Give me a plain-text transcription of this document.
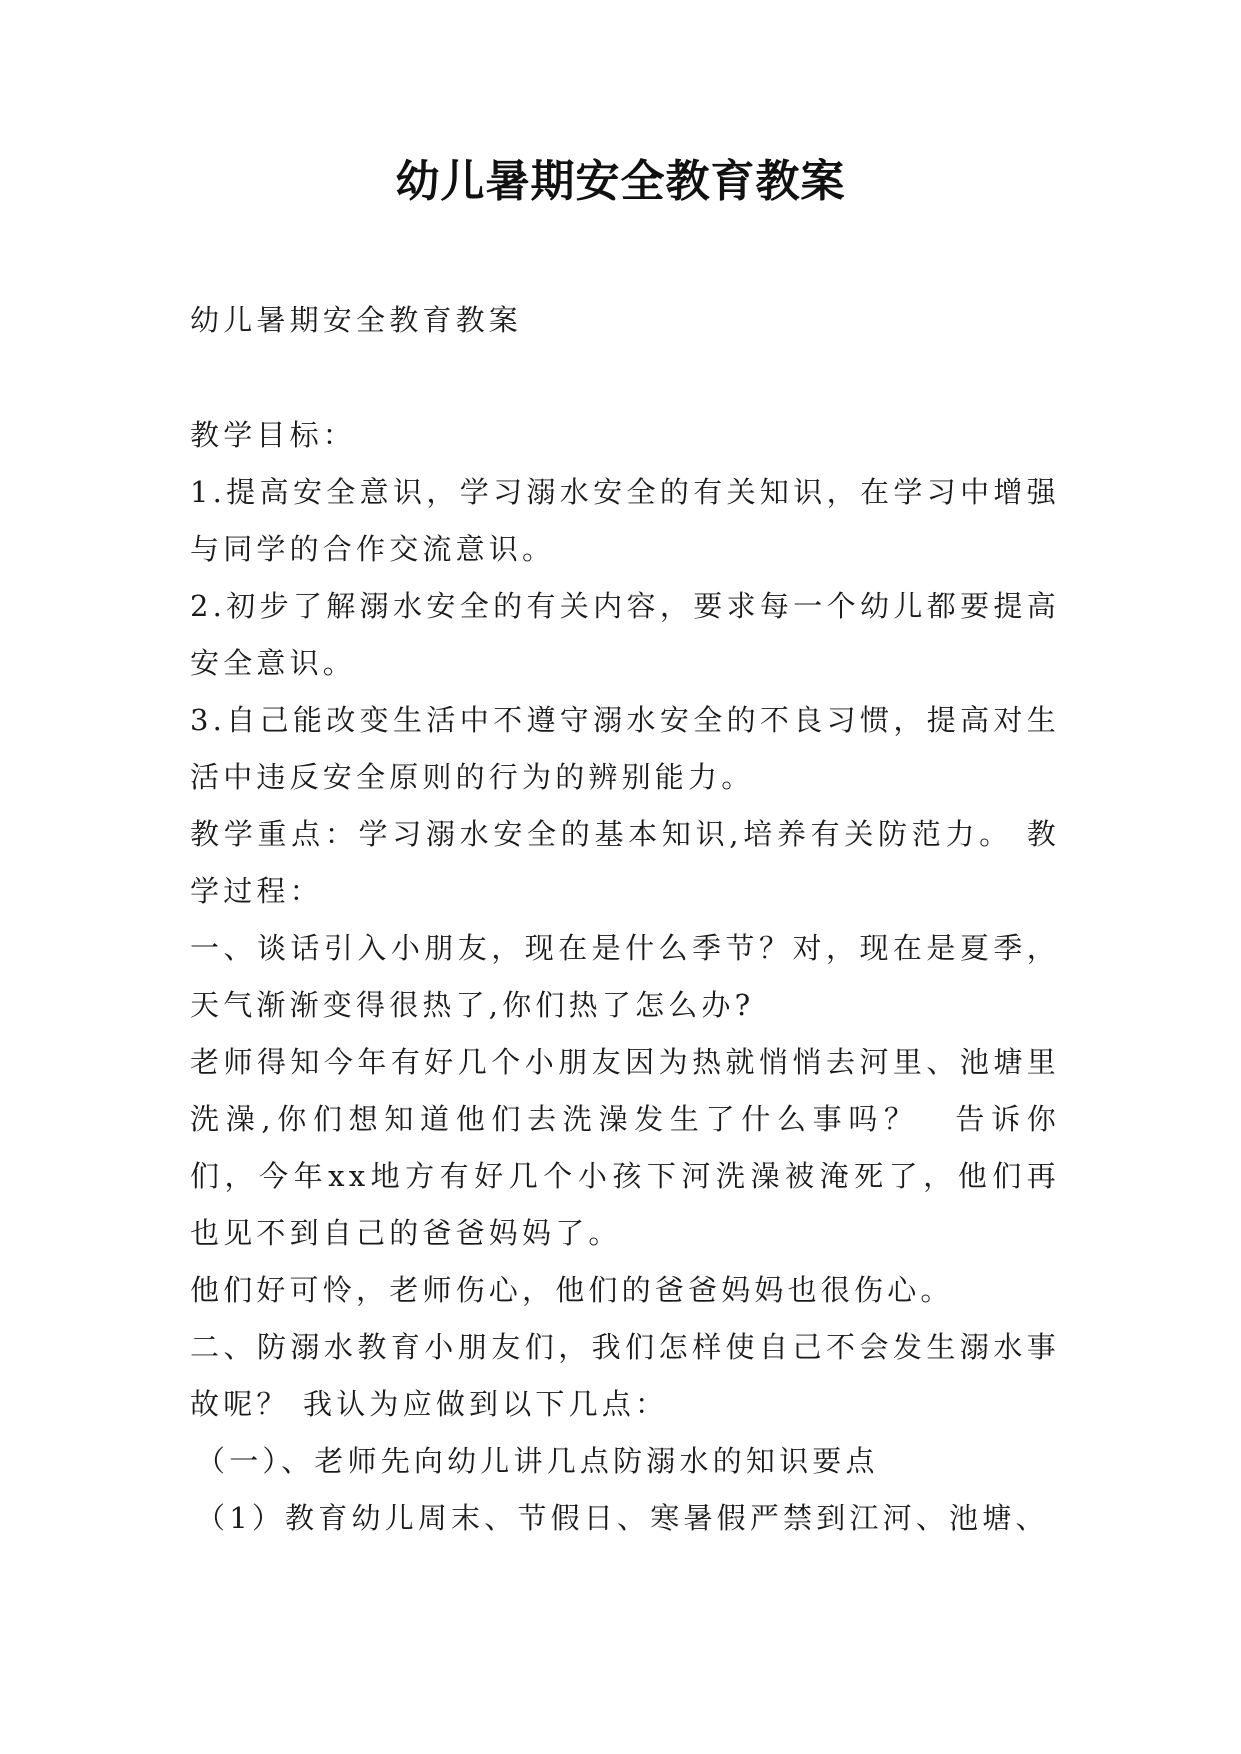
幼儿暑期安全教育教案

幼儿暑期安全教育教案

教学目标：

1.提高安全意识，学习溺水安全的有关知识，在学习中增强与同学的合作交流意识。

2.初步了解溺水安全的有关内容，要求每一个幼儿都要提高安全意识。

3.自己能改变生活中不遵守溺水安全的不良习惯，提高对生活中违反安全原则的行为的辨别能力。

教学重点：学习溺水安全的基本知识,培养有关防范力。 教学过程：

一、谈话引入小朋友，现在是什么季节？对，现在是夏季，天气渐渐变得很热了,你们热了怎么办?

老师得知今年有好几个小朋友因为热就悄悄去河里、池塘里洗澡,你们想知道他们去洗澡发生了什么事吗？　告诉你们，今年xx地方有好几个小孩下河洗澡被淹死了，他们再也见不到自己的爸爸妈妈了。

他们好可怜，老师伤心，他们的爸爸妈妈也很伤心。

二、防溺水教育小朋友们，我们怎样使自己不会发生溺水事故呢？ 我认为应做到以下几点：

（一）、老师先向幼儿讲几点防溺水的知识要点

（1）教育幼儿周末、节假日、寒暑假严禁到江河、池塘、
